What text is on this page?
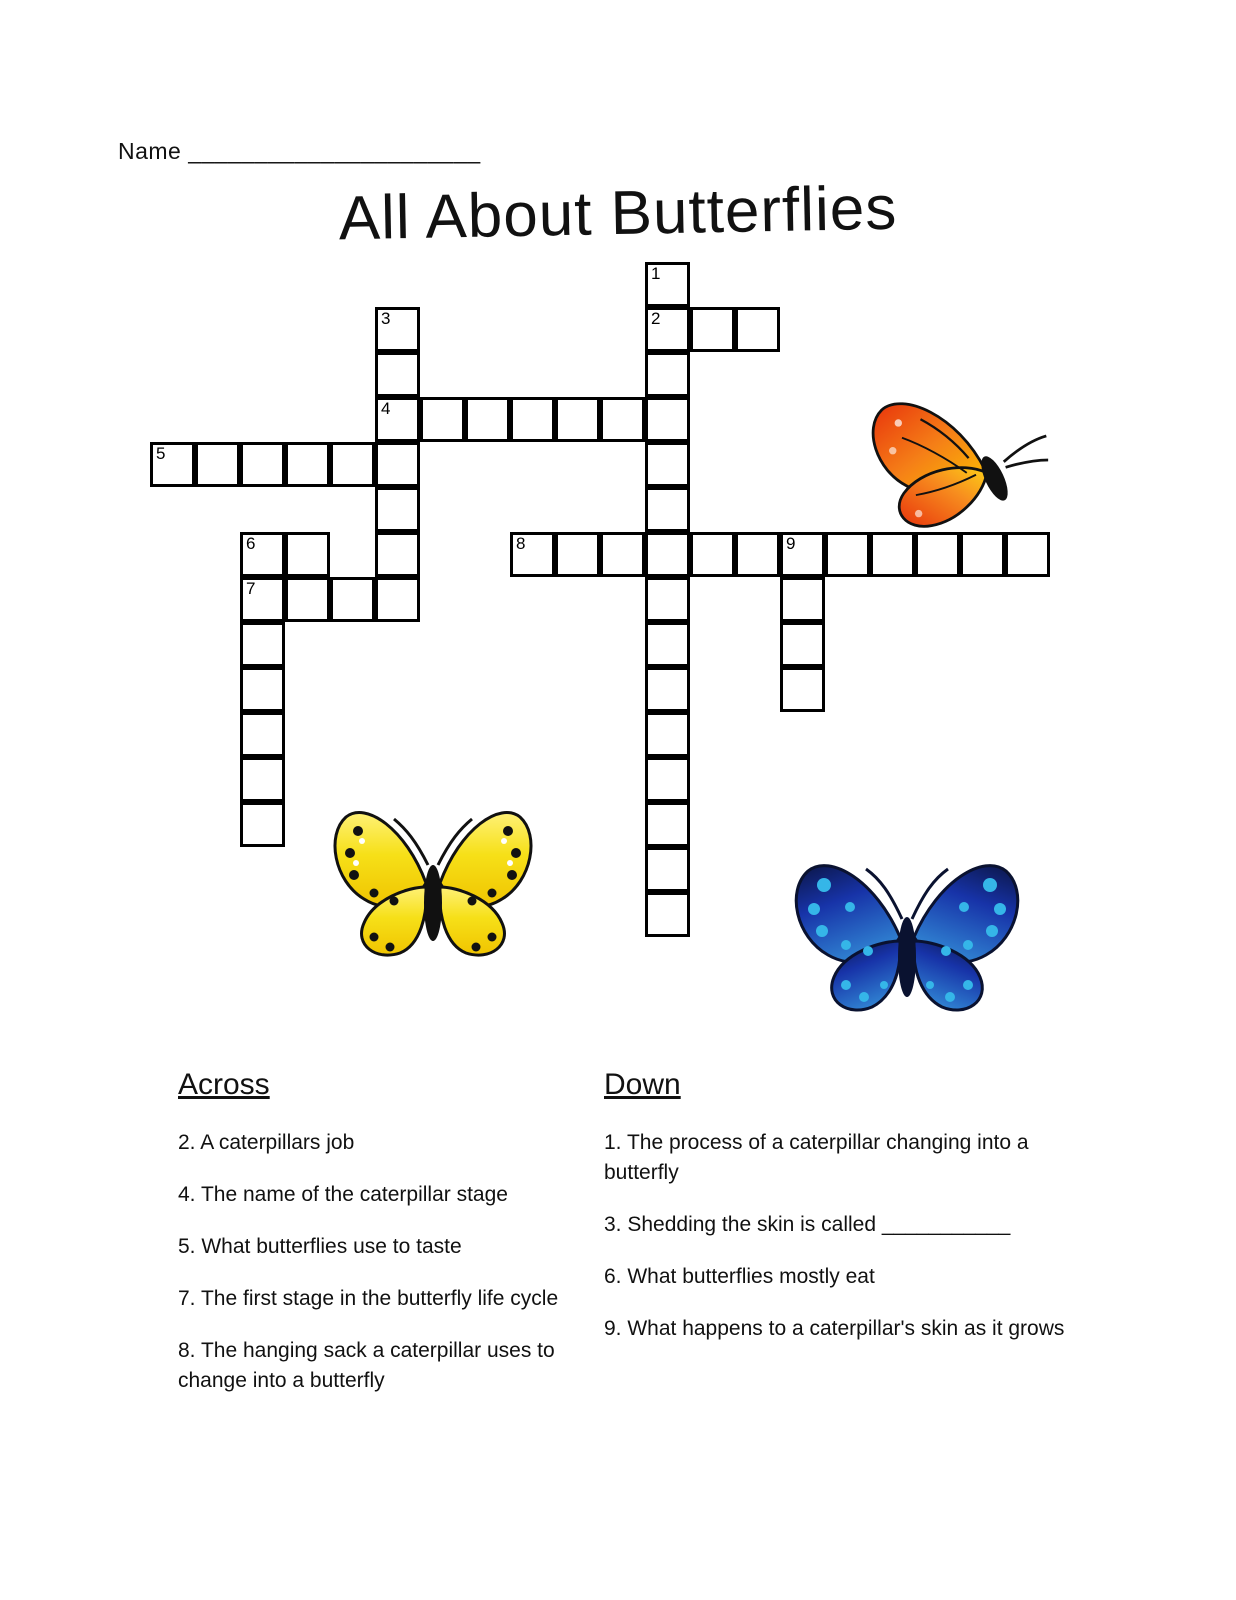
Name ______________________
All About Butterflies
1
2
3
4
5
6	8	9
7
Across
2. A caterpillars job
4. The name of the caterpillar stage
5. What butterflies use to taste
7. The first stage in the butterfly life cycle
8. The hanging sack a caterpillar uses to change into a butterfly
Down
1. The process of a caterpillar changing into a butterfly
3. Shedding the skin is called ___________
6. What butterflies mostly eat
9. What happens to a caterpillar's skin as it grows
